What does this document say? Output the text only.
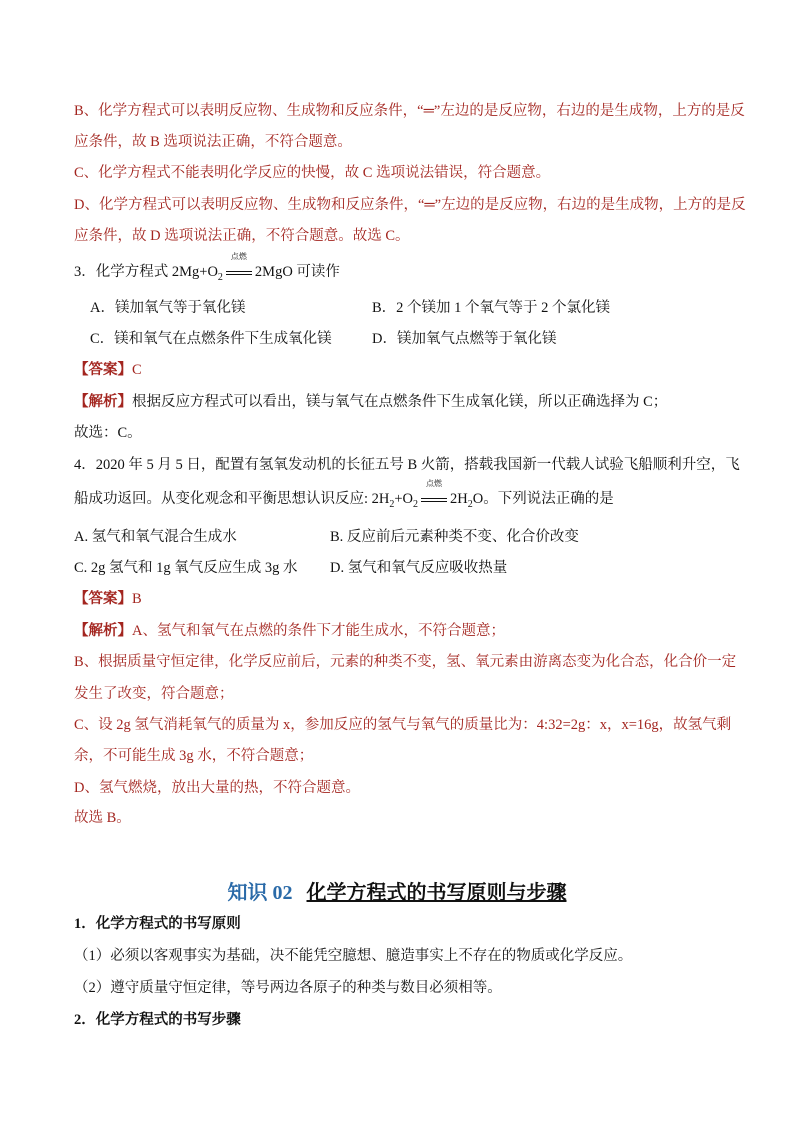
B、化学方程式可以表明反应物、生成物和反应条件，“═”左边的是反应物，右边的是生成物，上方的是反
应条件，故 B 选项说法正确，不符合题意。
C、化学方程式不能表明化学反应的快慢，故 C 选项说法错误，符合题意。
D、化学方程式可以表明反应物、生成物和反应条件，“═”左边的是反应物，右边的是生成物，上方的是反
应条件，故 D 选项说法正确，不符合题意。故选 C。
3．化学方程式 $2Mg+O_2$
点燃
2MgO 可读作
A．镁加氧气等于氧化镁	B．2 个镁加 1 个氧气等于 2 个氯化镁
C．镁和氧气在点燃条件下生成氧化镁	D．镁加氧气点燃等于氧化镁
【答案】C
【解析】根据反应方程式可以看出，镁与氧气在点燃条件下生成氧化镁，所以正确选择为 C；
故选：C。
4．2020 年 5 月 5 日，配置有氢氧发动机的长征五号 B 火箭，搭载我国新一代载人试验飞船顺利升空，飞
船成功返回。从变化观念和平衡思想认识反应: $2H_2+O_2$
点燃
$2H_2O$。下列说法正确的是
A. 氢气和氧气混合生成水	B. 反应前后元素种类不变、化合价改变
C. 2g 氢气和 1g 氧气反应生成 3g 水 D. 氢气和氧气反应吸收热量
【答案】B
【解析】A、氢气和氧气在点燃的条件下才能生成水，不符合题意；
B、根据质量守恒定律，化学反应前后，元素的种类不变，氢、氧元素由游离态变为化合态，化合价一定
发生了改变，符合题意；
C、设 2g 氢气消耗氧气的质量为 x，参加反应的氢气与氧气的质量比为：4:32=2g：x，x=16g，故氢气剩
余，不可能生成 3g 水，不符合题意；
D、氢气燃烧，放出大量的热，不符合题意。
故选 B。
知识 02 化学方程式的书写原则与步骤
1．化学方程式的书写原则
（1）必须以客观事实为基础，决不能凭空臆想、臆造事实上不存在的物质或化学反应。
（2）遵守质量守恒定律，等号两边各原子的种类与数目必须相等。
2．化学方程式的书写步骤
